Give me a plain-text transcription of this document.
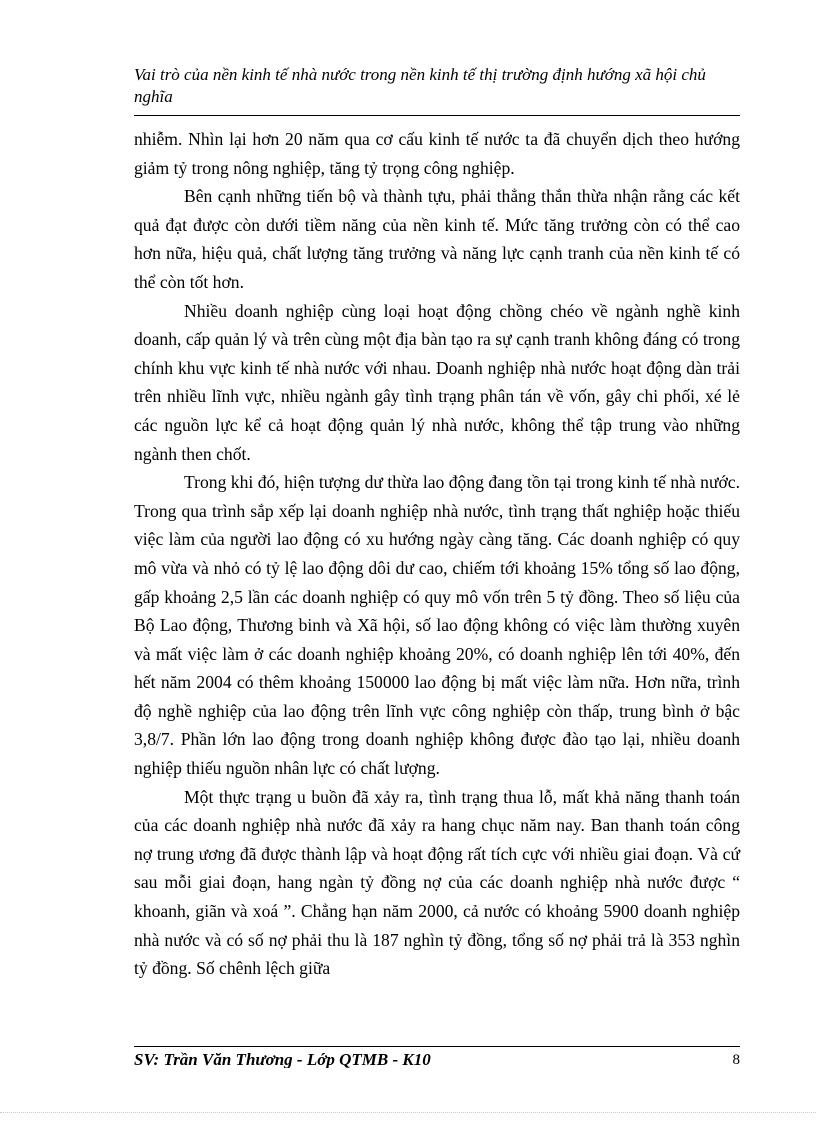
Vai trò của nền kinh tế nhà nước trong nền kinh tế thị trường định hướng xã hội chủ nghĩa

nhiễm. Nhìn lại hơn 20 năm qua cơ cấu kinh tế nước ta đã chuyển dịch theo hướng giảm tỷ trong nông nghiệp, tăng tỷ trọng công nghiệp.

Bên cạnh những tiến bộ và thành tựu, phải thẳng thắn thừa nhận rằng các kết quả đạt được còn dưới tiềm năng của nền kinh tế. Mức tăng trưởng còn có thể cao hơn nữa, hiệu quả, chất lượng tăng trưởng và năng lực cạnh tranh của nền kinh tế có thể còn tốt hơn.

Nhiều doanh nghiệp cùng loại hoạt động chồng chéo về ngành nghề kinh doanh, cấp quản lý và trên cùng một địa bàn tạo ra sự cạnh tranh không đáng có trong chính khu vực kinh tế nhà nước với nhau. Doanh nghiệp nhà nước hoạt động dàn trải trên nhiều lĩnh vực, nhiều ngành gây tình trạng phân tán về vốn, gây chi phối, xé lẻ các nguồn lực kể cả hoạt động quản lý nhà nước, không thể tập trung vào những ngành then chốt.

Trong khi đó, hiện tượng dư thừa lao động đang tồn tại trong kinh tế nhà nước. Trong qua trình sắp xếp lại doanh nghiệp nhà nước, tình trạng thất nghiệp hoặc thiếu việc làm của người lao động có xu hướng ngày càng tăng. Các doanh nghiệp có quy mô vừa và nhỏ có tỷ lệ lao động dôi dư cao, chiếm tới khoảng 15% tổng số lao động, gấp khoảng 2,5 lần các doanh nghiệp có quy mô vốn trên 5 tỷ đồng. Theo số liệu của Bộ Lao động, Thương binh và Xã hội, số lao động không có việc làm thường xuyên và mất việc làm ở các doanh nghiệp khoảng 20%, có doanh nghiệp lên tới 40%, đến hết năm 2004 có thêm khoảng 150000 lao động bị mất việc làm nữa. Hơn nữa, trình độ nghề nghiệp của lao động trên lĩnh vực công nghiệp còn thấp, trung bình ở bậc 3,8/7. Phần lớn lao động trong doanh nghiệp không được đào tạo lại, nhiều doanh nghiệp thiếu nguồn nhân lực có chất lượng.

Một thực trạng u buồn đã xảy ra, tình trạng thua lỗ, mất khả năng thanh toán của các doanh nghiệp nhà nước đã xảy ra hang chục năm nay. Ban thanh toán công nợ trung ương đã được thành lập và hoạt động rất tích cực với nhiều giai đoạn. Và cứ sau mỗi giai đoạn, hang ngàn tỷ đồng nợ của các doanh nghiệp nhà nước được “ khoanh, giãn và xoá ”. Chẳng hạn năm 2000, cả nước có khoảng 5900 doanh nghiệp nhà nước và có số nợ phải thu là 187 nghìn tỷ đồng, tổng số nợ phải trả là 353 nghìn tỷ đồng. Số chênh lệch giữa

SV: Trần Văn Thương - Lớp QTMB - K10	8
